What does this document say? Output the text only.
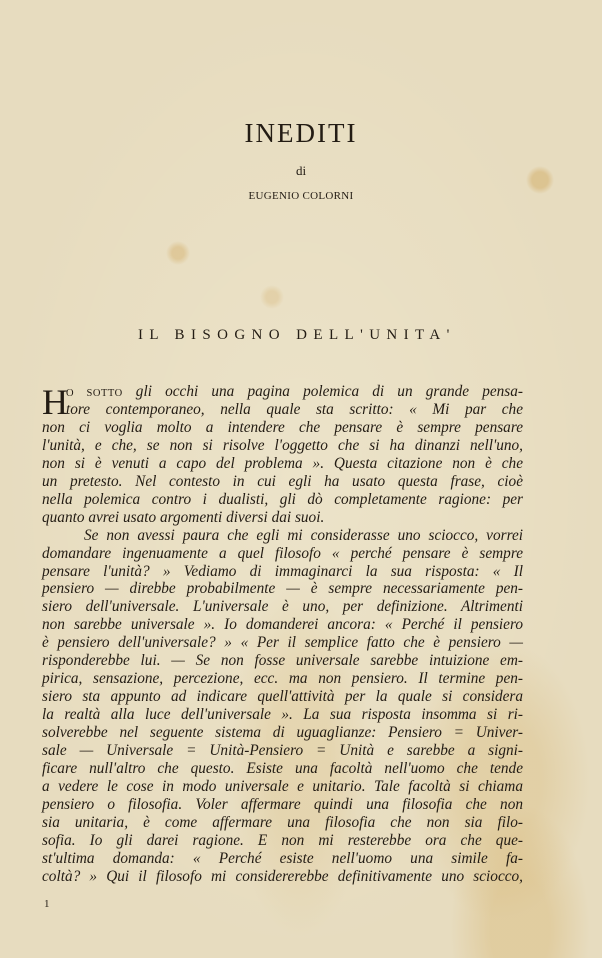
INEDITI
di
EUGENIO COLORNI
IL BISOGNO DELL'UNITA'
H
O SOTTO gli occhi una pagina polemica di un grande pensa-
tore contemporaneo, nella quale sta scritto: « Mi par che
non ci voglia molto a intendere che pensare è sempre pensare
l'unità, e che, se non si risolve l'oggetto che si ha dinanzi nell'uno,
non si è venuti a capo del problema ». Questa citazione non è che
un pretesto. Nel contesto in cui egli ha usato questa frase, cioè
nella polemica contro i dualisti, gli dò completamente ragione: per
quanto avrei usato argomenti diversi dai suoi.
Se non avessi paura che egli mi considerasse uno sciocco, vorrei
domandare ingenuamente a quel filosofo « perché pensare è sempre
pensare l'unità? » Vediamo di immaginarci la sua risposta: « Il
pensiero — direbbe probabilmente — è sempre necessariamente pen-
siero dell'universale. L'universale è uno, per definizione. Altrimenti
non sarebbe universale ». Io domanderei ancora: « Perché il pensiero
è pensiero dell'universale? » « Per il semplice fatto che è pensiero —
risponderebbe lui. — Se non fosse universale sarebbe intuizione em-
pirica, sensazione, percezione, ecc. ma non pensiero. Il termine pen-
siero sta appunto ad indicare quell'attività per la quale si considera
la realtà alla luce dell'universale ». La sua risposta insomma si ri-
solverebbe nel seguente sistema di uguaglianze: Pensiero = Univer-
sale — Universale = Unità-Pensiero = Unità e sarebbe a signi-
ficare null'altro che questo. Esiste una facoltà nell'uomo che tende
a vedere le cose in modo universale e unitario. Tale facoltà si chiama
pensiero o filosofia. Voler affermare quindi una filosofia che non
sia unitaria, è come affermare una filosofia che non sia filo-
sofia. Io gli darei ragione. E non mi resterebbe ora che que-
st'ultima domanda: « Perché esiste nell'uomo una simile fa-
coltà? » Qui il filosofo mi considererebbe definitivamente uno sciocco,
1
